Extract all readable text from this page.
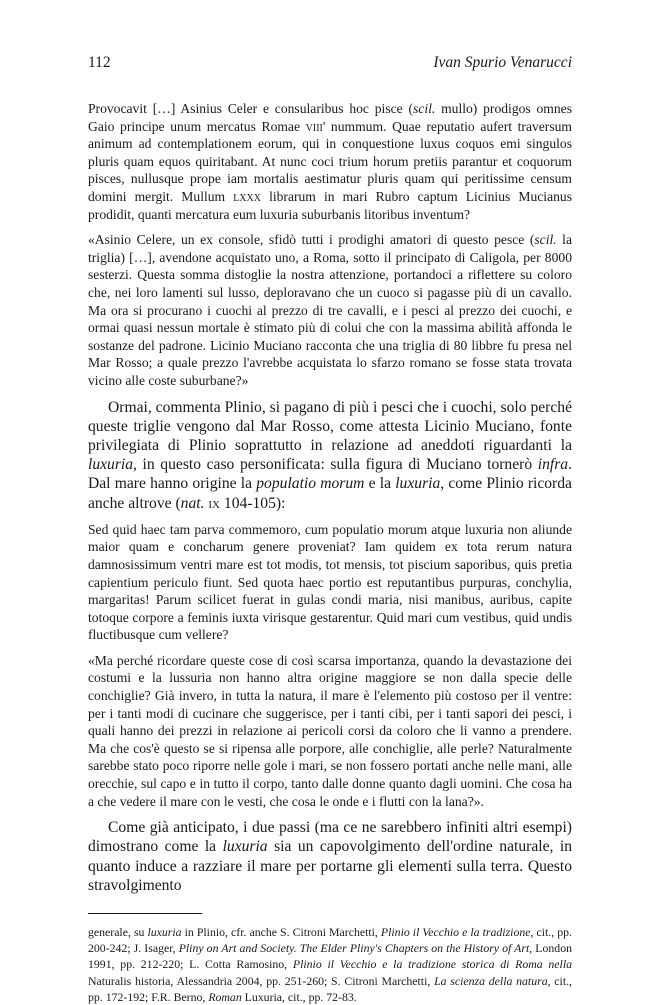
112	Ivan Spurio Venarucci

Provocavit […] Asinius Celer e consularibus hoc pisce (scil. mullo) prodigos omnes Gaio principe unum mercatus Romae viii' nummum. Quae reputatio aufert traversum animum ad contemplationem eorum, qui in conquestione luxus coquos emi singulos pluris quam equos quiritabant. At nunc coci trium horum pretiis parantur et coquorum pisces, nullusque prope iam mortalis aestimatur pluris quam qui peritissime censum domini mergit. Mullum lxxx librarum in mari Rubro captum Licinius Mucianus prodidit, quanti mercatura eum luxuria suburbanis litoribus inventum?

«Asinio Celere, un ex console, sfidò tutti i prodighi amatori di questo pesce (scil. la triglia) […], avendone acquistato uno, a Roma, sotto il principato di Caligola, per 8000 sesterzi. Questa somma distoglie la nostra attenzione, portandoci a riflettere su coloro che, nei loro lamenti sul lusso, deploravano che un cuoco si pagasse più di un cavallo. Ma ora si procurano i cuochi al prezzo di tre cavalli, e i pesci al prezzo dei cuochi, e ormai quasi nessun mortale è stimato più di colui che con la massima abilità affonda le sostanze del padrone. Licinio Muciano racconta che una triglia di 80 libbre fu presa nel Mar Rosso; a quale prezzo l'avrebbe acquistata lo sfarzo romano se fosse stata trovata vicino alle coste suburbane?»

Ormai, commenta Plinio, si pagano di più i pesci che i cuochi, solo perché queste triglie vengono dal Mar Rosso, come attesta Licinio Muciano, fonte privilegiata di Plinio soprattutto in relazione ad aneddoti riguardanti la luxuria, in questo caso personificata: sulla figura di Muciano tornerò infra. Dal mare hanno origine la populatio morum e la luxuria, come Plinio ricorda anche altrove (nat. ix 104-105):

Sed quid haec tam parva commemoro, cum populatio morum atque luxuria non aliunde maior quam e concharum genere proveniat? Iam quidem ex tota rerum natura damnosissimum ventri mare est tot modis, tot mensis, tot piscium saporibus, quis pretia capientium periculo fiunt. Sed quota haec portio est reputantibus purpuras, conchylia, margaritas! Parum scilicet fuerat in gulas condi maria, nisi manibus, auribus, capite totoque corpore a feminis iuxta virisque gestarentur. Quid mari cum vestibus, quid undis fluctibusque cum vellere?

«Ma perché ricordare queste cose di così scarsa importanza, quando la devastazione dei costumi e la lussuria non hanno altra origine maggiore se non dalla specie delle conchiglie? Già invero, in tutta la natura, il mare è l'elemento più costoso per il ventre: per i tanti modi di cucinare che suggerisce, per i tanti cibi, per i tanti sapori dei pesci, i quali hanno dei prezzi in relazione ai pericoli corsi da coloro che li vanno a prendere. Ma che cos'è questo se si ripensa alle porpore, alle conchiglie, alle perle? Naturalmente sarebbe stato poco riporre nelle gole i mari, se non fossero portati anche nelle mani, alle orecchie, sul capo e in tutto il corpo, tanto dalle donne quanto dagli uomini. Che cosa ha a che vedere il mare con le vesti, che cosa le onde e i flutti con la lana?».

Come già anticipato, i due passi (ma ce ne sarebbero infiniti altri esempi) dimostrano come la luxuria sia un capovolgimento dell'ordine naturale, in quanto induce a razziare il mare per portarne gli elementi sulla terra. Questo stravolgimento

generale, su luxuria in Plinio, cfr. anche S. Citroni Marchetti, Plinio il Vecchio e la tradizione, cit., pp. 200-242; J. Isager, Pliny on Art and Society. The Elder Pliny's Chapters on the History of Art, London 1991, pp. 212-220; L. Cotta Ramosino, Plinio il Vecchio e la tradizione storica di Roma nella Naturalis historia, Alessandria 2004, pp. 251-260; S. Citroni Marchetti, La scienza della natura, cit., pp. 172-192; F.R. Berno, Roman Luxuria, cit., pp. 72-83.
